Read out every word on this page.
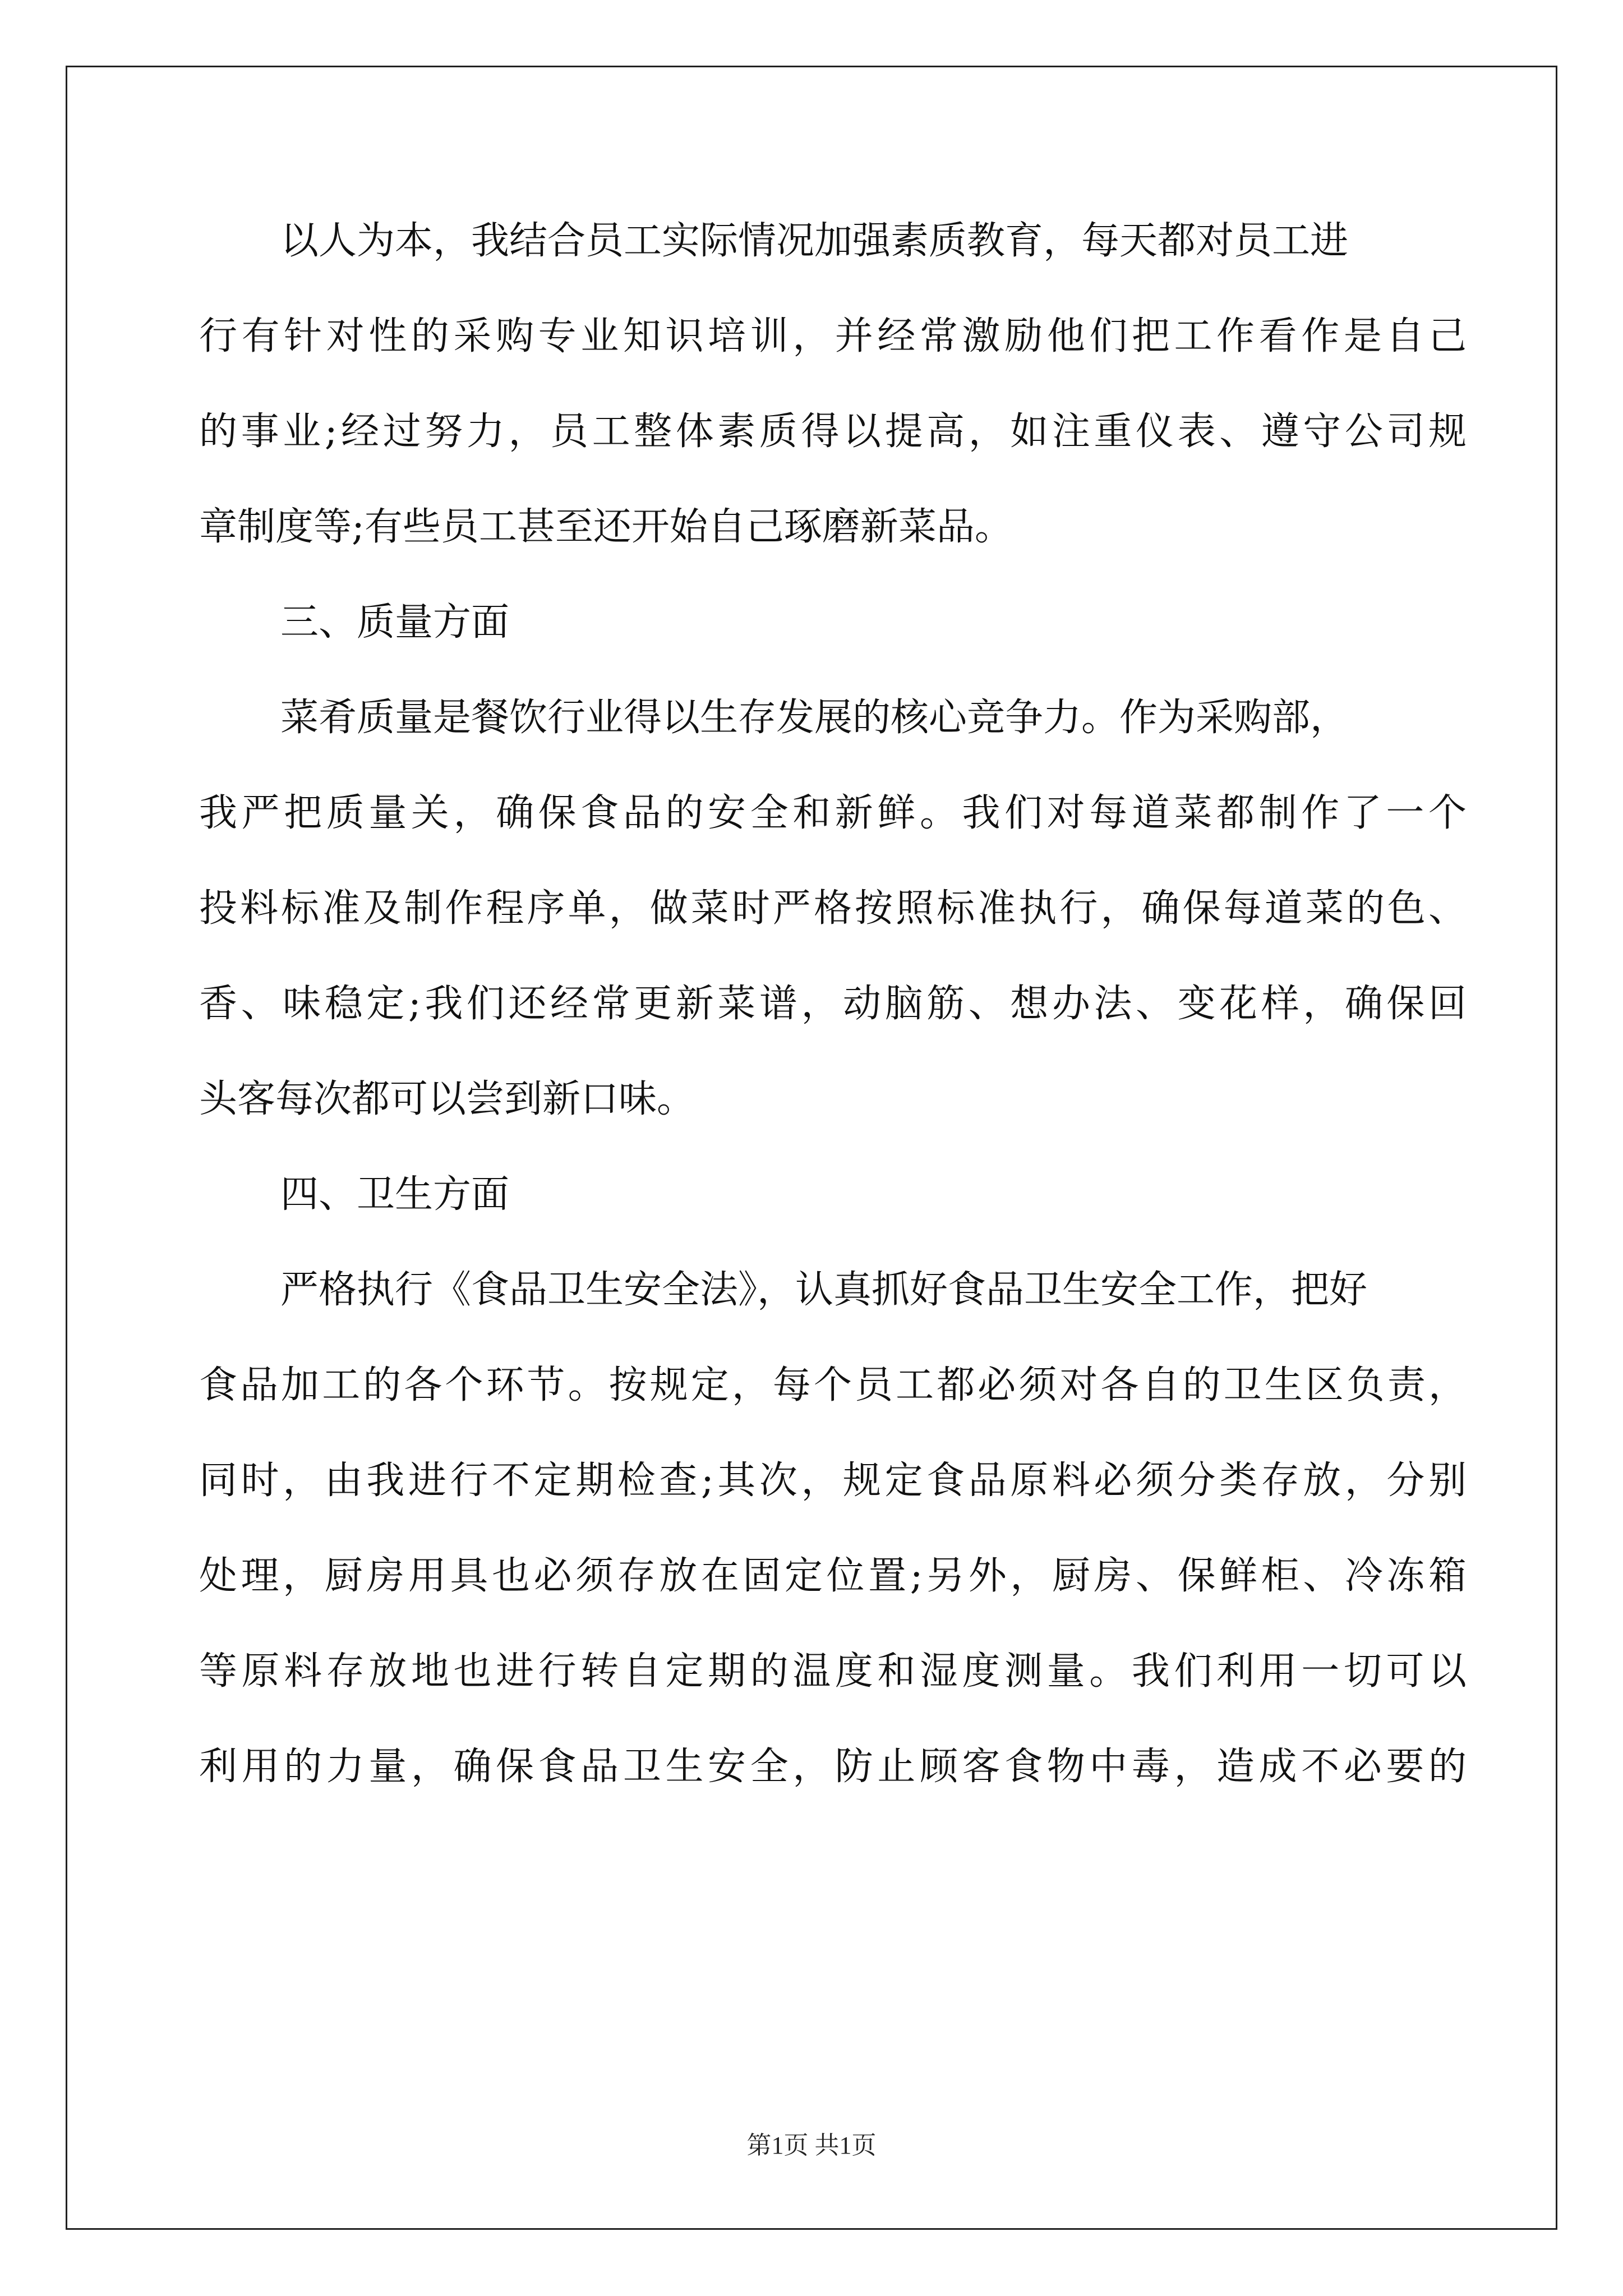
以人为本，我结合员工实际情况加强素质教育，每天都对员工进
行有针对性的采购专业知识培训，并经常激励他们把工作看作是自己
的事业;经过努力，员工整体素质得以提高，如注重仪表、遵守公司规
章制度等;有些员工甚至还开始自己琢磨新菜品。
三、质量方面
菜肴质量是餐饮行业得以生存发展的核心竞争力。作为采购部，
我严把质量关，确保食品的安全和新鲜。我们对每道菜都制作了一个
投料标准及制作程序单，做菜时严格按照标准执行，确保每道菜的色、
香、味稳定;我们还经常更新菜谱，动脑筋、想办法、变花样，确保回
头客每次都可以尝到新口味。
四、卫生方面
严格执行《食品卫生安全法》，认真抓好食品卫生安全工作，把好
食品加工的各个环节。按规定，每个员工都必须对各自的卫生区负责，
同时，由我进行不定期检查;其次，规定食品原料必须分类存放，分别
处理，厨房用具也必须存放在固定位置;另外，厨房、保鲜柜、冷冻箱
等原料存放地也进行转自定期的温度和湿度测量。我们利用一切可以
利用的力量，确保食品卫生安全，防止顾客食物中毒，造成不必要的
第1页 共1页
